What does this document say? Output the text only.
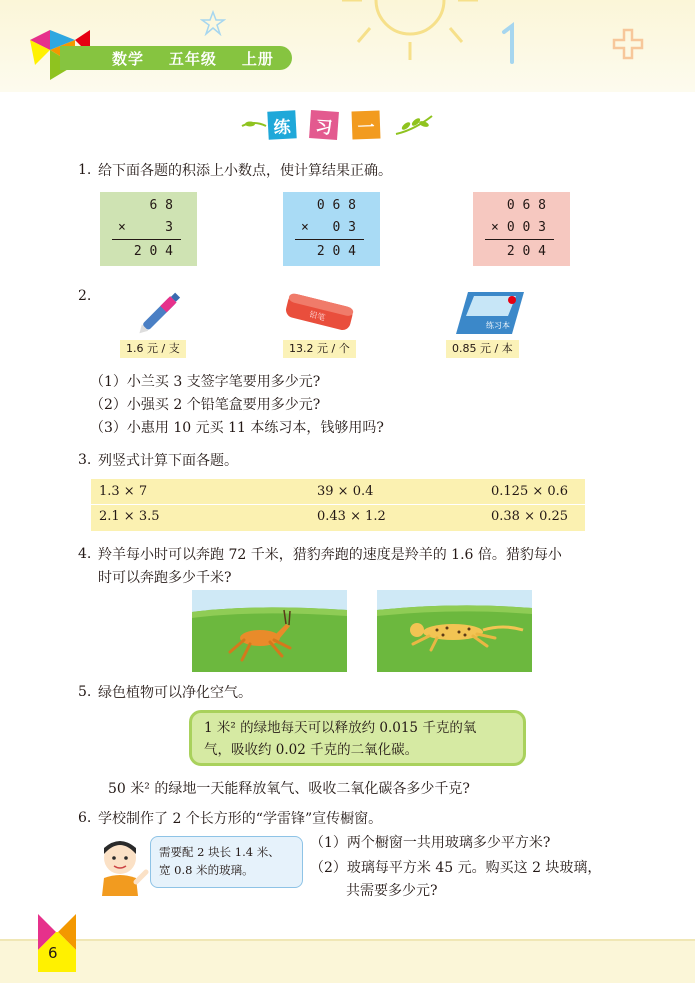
数学 五年级 上册
练	习	一
1. 给下面各题的积添上小数点，使计算结果正确。
6 8
×	3
2 0 4
0 6 8
× 0 3
2 0 4
0 6 8
× 0 0 3
2 0 4
2.
铅笔
练习本
1.6 元 / 支	13.2 元 / 个	0.85 元 / 本
（1）小兰买 3 支签字笔要用多少元?
（2）小强买 2 个铅笔盒要用多少元?
（3）小惠用 10 元买 11 本练习本，钱够用吗?
3. 列竖式计算下面各题。
1.3 × 7	39 × 0.4	0.125 × 0.6
2.1 × 3.5	0.43 × 1.2	0.38 × 0.25
4. 羚羊每小时可以奔跑 72 千米，猎豹奔跑的速度是羚羊的 1.6 倍。猎豹每小
时可以奔跑多少千米?
5. 绿色植物可以净化空气。
1 米² 的绿地每天可以释放约 0.015 千克的氧
气，吸收约 0.02 千克的二氧化碳。
50 米² 的绿地一天能释放氧气、吸收二氧化碳各多少千克?
6. 学校制作了 2 个长方形的“学雷锋”宣传橱窗。
需要配 2 块长 1.4 米、
宽 0.8 米的玻璃。
（1）两个橱窗一共用玻璃多少平方米?
（2）玻璃每平方米 45 元。购买这 2 块玻璃，
共需要多少元?
6
